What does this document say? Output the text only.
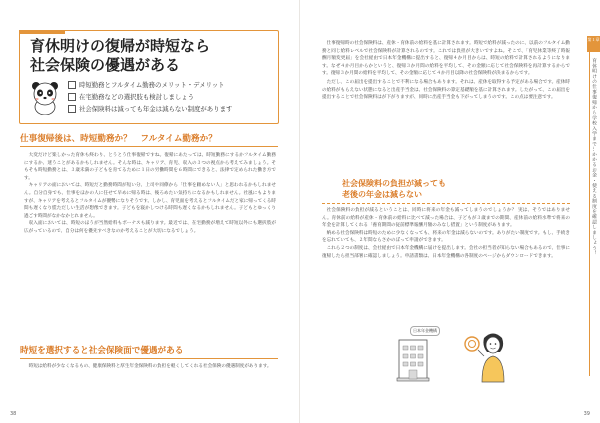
育休明けの復帰が時短なら
社会保険の優遇がある
時短勤務とフルタイム勤務のメリット・デメリット
在宅勤務などの選択肢も検討しましょう
社会保険料は減っても年金は減らない制度があります
仕事復帰後は、時短勤務か？　フルタイム勤務か？

大変だけど楽しかった育休も終わり、とうとう仕事復帰ですね。復帰にあたっては、時短勤務にするかフルタイム勤務にするか、迷うことがあるかもしれません。そんな時は、キャリア、育児、収入の３つの視点から考えてみましょう。そもそも時短勤務とは、３歳未満の子どもを育てるために１日の労働時間を６時間にできると、法律で定められた働き方です。

キャリアの面においては、時短だと勤務時間が短い分、上司や同僚から「仕事を頼めない人」と思われるかもしれません。自分自身でも、仕事をほかの人に任せて早めに帰る時は、後ろめたい気持ちになるかもしれません。社風にもよりますが、キャリアを考えるとフルタイムが優勢になりそうです。しかし、育児面を考えるとフルタイムだと家に帰ってくる時間も遅くなり慌ただしい生活が想像できます。子どもを寝かしつける時間も遅くなるかもしれません。子どもとゆっくり過ごす時間がなかなかとれません。

収入面においては、時短のほうが当然給料もボーナスも減ります。最近では、在宅勤務が増えて時短以外にも選択肢が広がっているので、自分は何を優先すべきなのか考えることが大切になるでしょう。

時短を選択すると社会保険面で優遇がある

時短は給料が少なくなるもの、健康保険料と厚生年金保険料の負担を軽くしてくれる社会保険の優遇制度があります。

38

仕事復帰時の社会保険料は、産休・育休前の給料を基に計算されます。時短で給料が減ったのに、以前のフルタイム勤務と同じ給料レベルで社会保険料が計算されるのです。これでは負担が大きいですよね。そこで、「育児休業等終了時報酬月額変更届」を会社経由で日本年金機構に提出すると、復帰４か月目からは、時短の給料で計算されるようになります。なぜ４か月目からかというと、復帰３か月間の給料を平均して、その金額に応じて社会保険料を再計算するからです。復帰３か月間の給料を平均して、その金額に応じて４か月目以降の社会保険料が決まるからです。

ただし、この届出を提出することで不利になる場合もあります。それは、産休を取得する予定がある場合です。産休時の給料がもらえない状態になると出産手当金は、社会保険料の算定基礎額を基に計算されます。したがって、この届出を提出することで社会保険料はが下がりますが、同時に出産手当金も下がってしまうのです。この点は要注意です。

社会保険料の負担が減っても
老後の年金は減らない

社会保険料の負担が減るということは、同時に将来の年金も減ってしまうのでしょうか？ 実は、そうではありません。育休前の給料が産休・育休前の給料に比べて減った場合は、子どもが３歳までの期間、産休前の給料水準で将来の年金を計算してくれる「養育期間の従前標準報酬月額のみなし措置」という制度があります。

納める社会保険料は時短のために少なくなっても、将来の年金は減らないのです。ありがたい制度です。もし、手続きを忘れていても、２年間ならさかのぼって申請ができます。

これら２つの制度は、会社経由で日本年金機構に届けを提出します。会社の担当者が知らない場合もあるので、仕事に復帰したら担当部署に確認しましょう。申請書類は、日本年金機構の各制度のページからダウンロードできます。

日本年金機構
第１章
育休明けの仕事復帰から学校入学まで…かかるお金・使える制度を確認しましょう！
39
